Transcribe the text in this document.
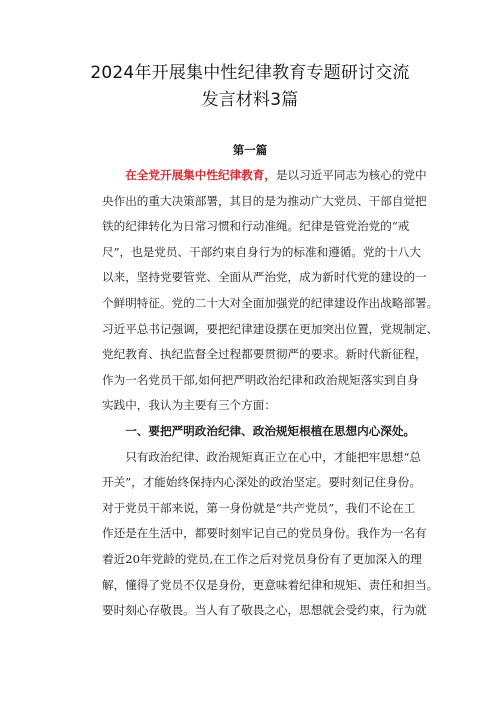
2024年开展集中性纪律教育专题研讨交流
发言材料3篇
第一篇
在全党开展集中性纪律教育，是以习近平同志为核心的党中
央作出的重大决策部署，其目的是为推动广大党员、干部自觉把
铁的纪律转化为日常习惯和行动准绳。纪律是管党治党的“戒
尺”，也是党员、干部约束自身行为的标准和遵循。党的十八大
以来，坚持党要管党、全面从严治党，成为新时代党的建设的一
个鲜明特征。党的二十大对全面加强党的纪律建设作出战略部署。
习近平总书记强调，要把纪律建设摆在更加突出位置，党规制定、
党纪教育、执纪监督全过程都要贯彻严的要求。新时代新征程，
作为一名党员干部,如何把严明政治纪律和政治规矩落实到自身
实践中，我认为主要有三个方面：
一、要把严明政治纪律、政治规矩根植在思想内心深处。
只有政治纪律、政治规矩真正立在心中，才能把牢思想“总
开关”，才能始终保持内心深处的政治坚定。要时刻记住身份。
对于党员干部来说，第一身份就是“共产党员”，我们不论在工
作还是在生活中，都要时刻牢记自己的党员身份。我作为一名有
着近20年党龄的党员,在工作之后对党员身份有了更加深入的理
解，懂得了党员不仅是身份，更意味着纪律和规矩、责任和担当。
要时刻心存敬畏。当人有了敬畏之心，思想就会受约束，行为就
